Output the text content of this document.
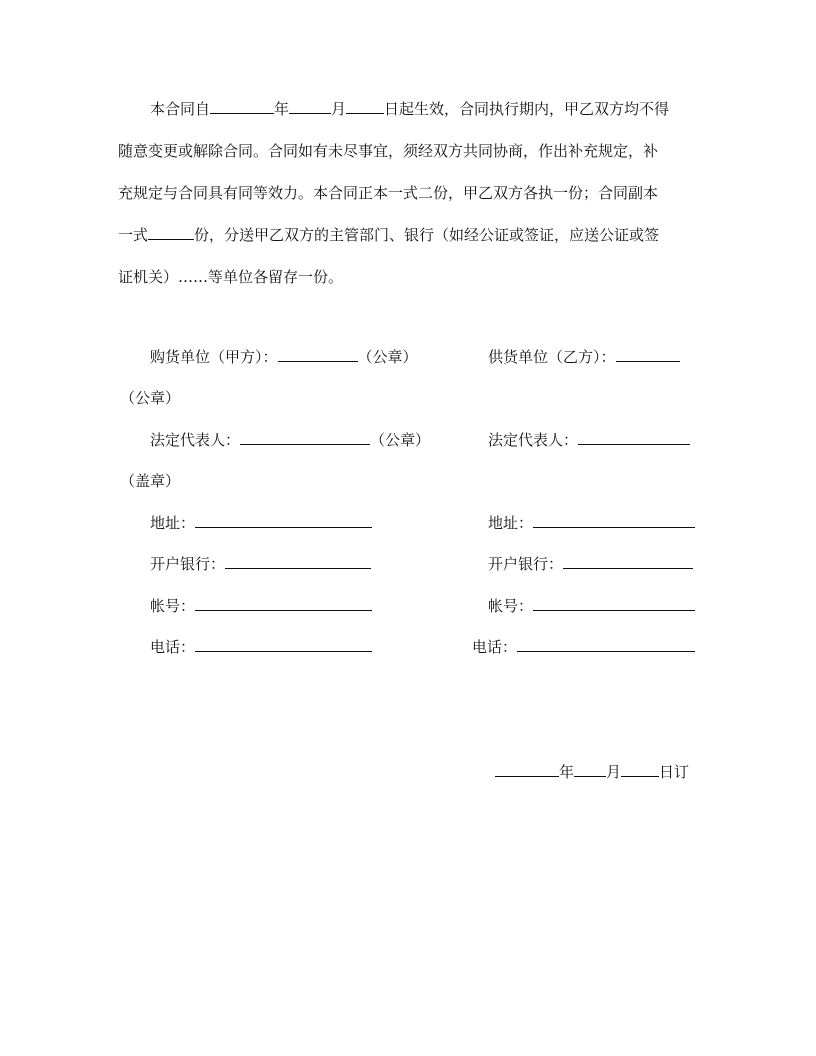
本合同自	年	月	日起生效，合同执行期内，甲乙双方均不得
随意变更或解除合同。合同如有未尽事宜，须经双方共同协商，作出补充规定，补
充规定与合同具有同等效力。本合同正本一式二份，甲乙双方各执一份；合同副本
一式	份，分送甲乙双方的主管部门、银行（如经公证或签证，应送公证或签
证机关）……等单位各留存一份。
购货单位（甲方）：	（公章）	供货单位（乙方）：
（公章）
法定代表人：	（公章）	法定代表人：
（盖章）
地址：	地址：
开户银行：	开户银行：
帐号：	帐号：
电话：	电话：
年 月	日订
